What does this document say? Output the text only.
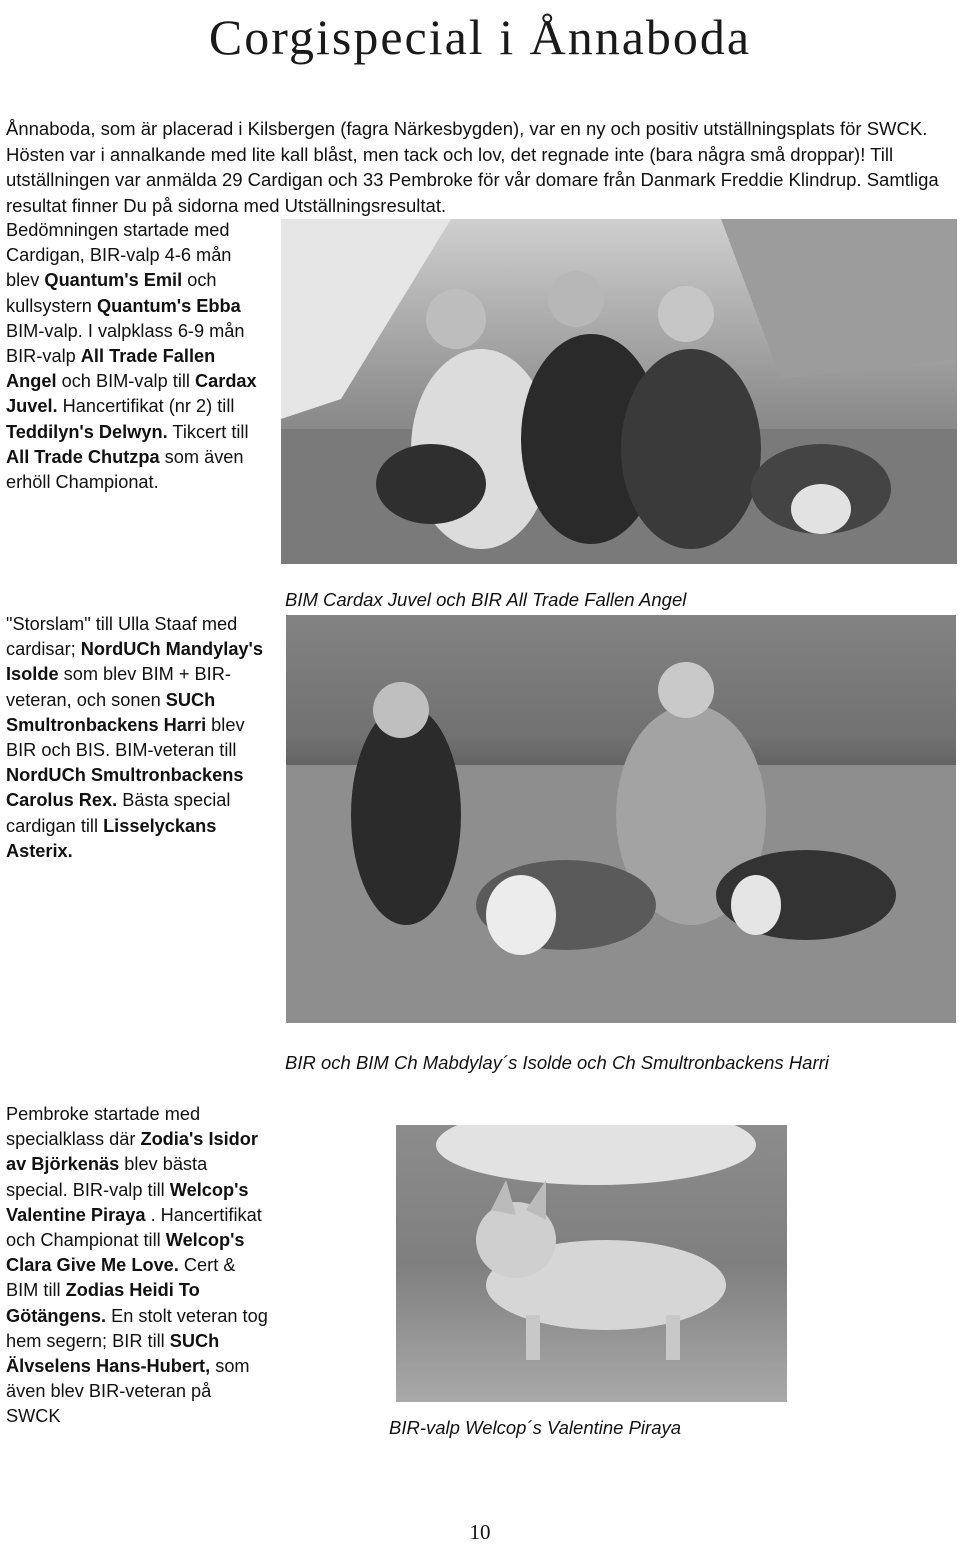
Corgispecial i Ånnaboda

Ånnaboda, som är placerad i Kilsbergen (fagra Närkesbygden), var en ny och positiv utställningsplats för SWCK. Hösten var i annalkande med lite kall blåst, men tack och lov, det regnade inte (bara några små droppar)! Till utställningen var anmälda 29 Cardigan och 33 Pembroke för vår domare från Danmark Freddie Klindrup. Samtliga resultat finner Du på sidorna med Utställningsresultat.

Bedömningen startade med Cardigan, BIR-valp 4-6 mån blev Quantum's Emil och kullsystern Quantum's Ebba BIM-valp. I valpklass 6-9 mån BIR-valp All Trade Fallen Angel och BIM-valp till Cardax Juvel. Hancertifikat (nr 2) till Teddilyn's Delwyn. Tikcert till All Trade Chutzpa som även erhöll Championat.

BIM Cardax Juvel och BIR All Trade Fallen Angel

"Storslam" till Ulla Staaf med cardisar; NordUCh Mandylay's Isolde som blev BIM + BIR-veteran, och sonen SUCh Smultronbackens Harri blev BIR och BIS. BIM-veteran till NordUCh Smultronbackens Carolus Rex. Bästa special cardigan till Lisselyckans Asterix.

BIR och BIM Ch Mabdylay´s Isolde och Ch Smultronbackens Harri

Pembroke startade med specialklass där Zodia's Isidor av Björkenäs blev bästa special. BIR-valp till Welcop's Valentine Piraya . Hancertifikat och Championat till Welcop's Clara Give Me Love. Cert & BIM till Zodias Heidi To Götängens. En stolt veteran tog hem segern; BIR till SUCh Älvselens Hans-Hubert, som även blev BIR-veteran på SWCK

BIR-valp Welcop´s Valentine Piraya

10
